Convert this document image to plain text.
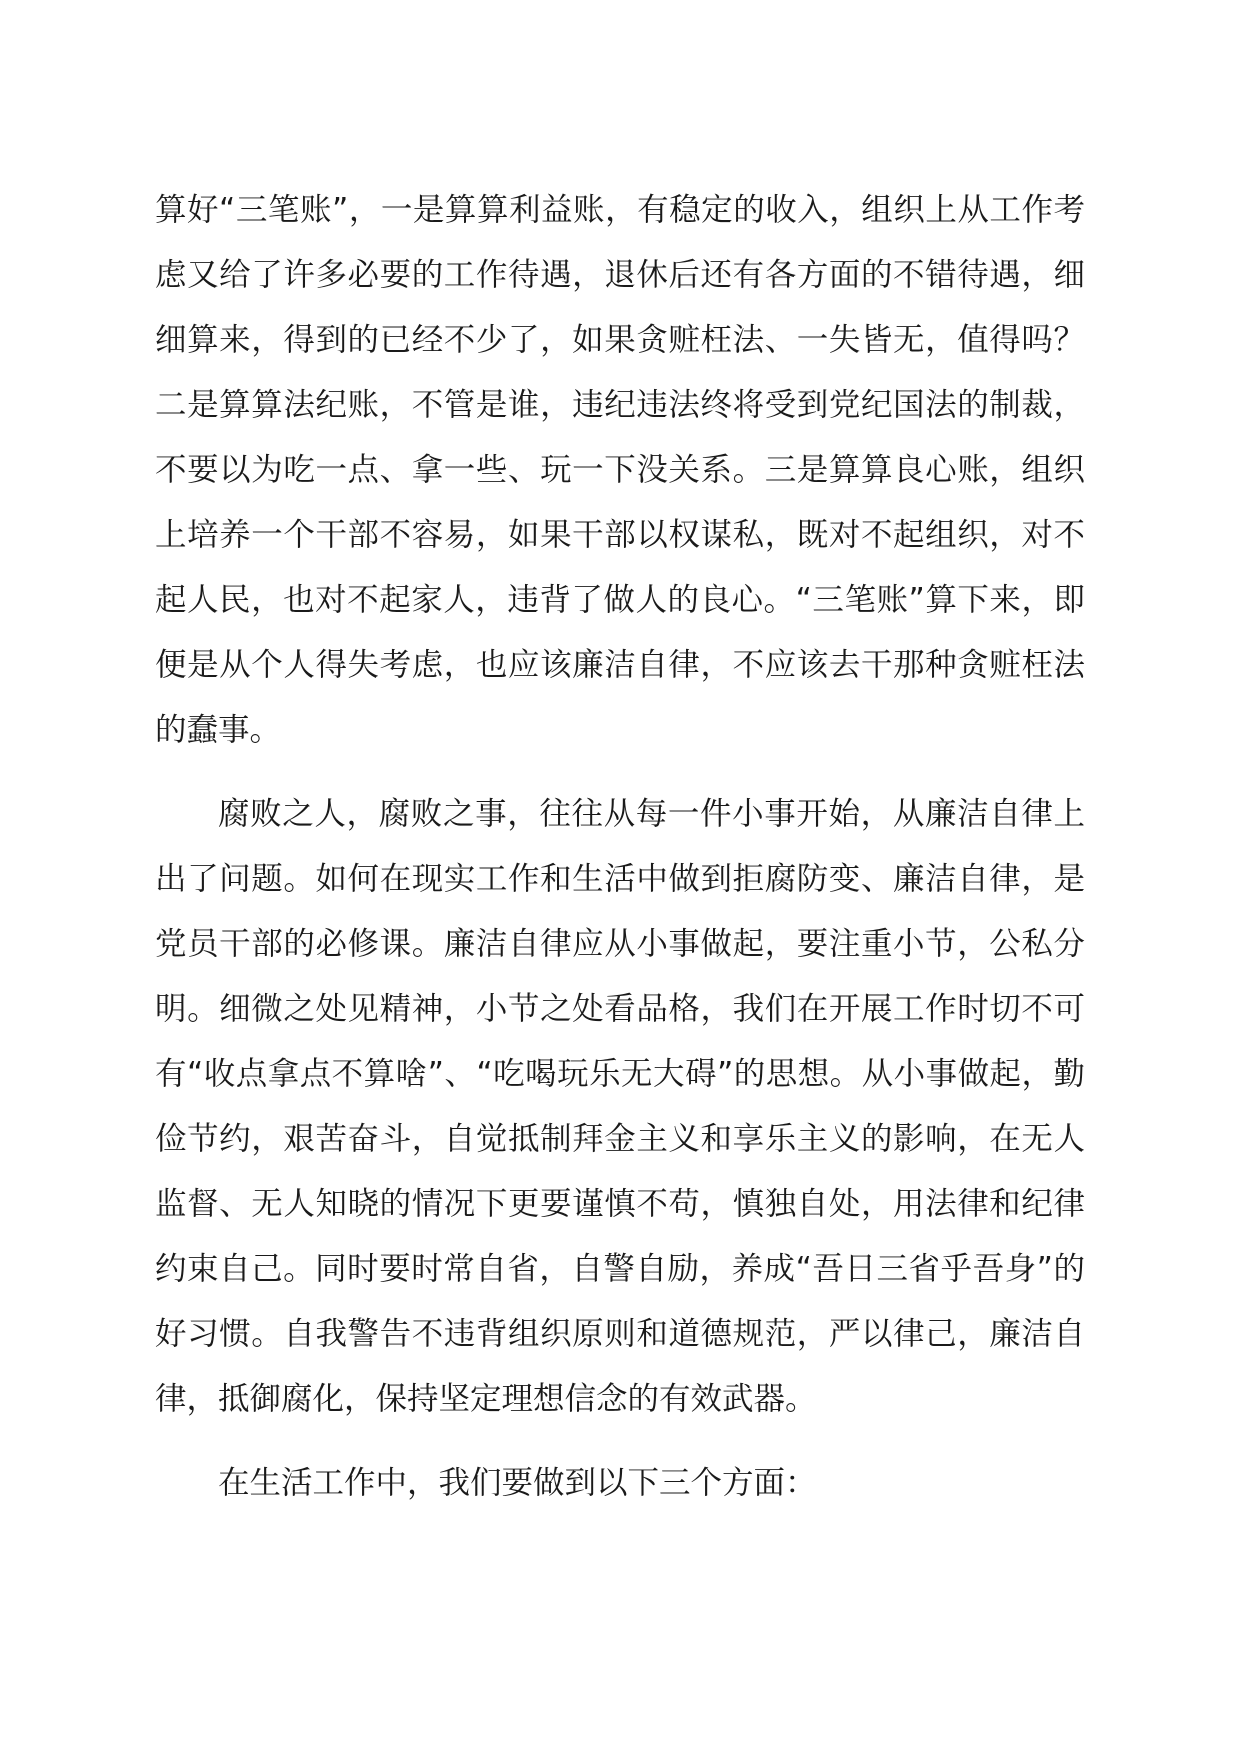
算好“三笔账”，一是算算利益账，有稳定的收入，组织上从工作考虑又给了许多必要的工作待遇，退休后还有各方面的不错待遇，细细算来，得到的已经不少了，如果贪赃枉法、一失皆无，值得吗？二是算算法纪账，不管是谁，违纪违法终将受到党纪国法的制裁，不要以为吃一点、拿一些、玩一下没关系。三是算算良心账，组织上培养一个干部不容易，如果干部以权谋私，既对不起组织，对不起人民，也对不起家人，违背了做人的良心。“三笔账”算下来，即便是从个人得失考虑，也应该廉洁自律，不应该去干那种贪赃枉法的蠢事。

腐败之人，腐败之事，往往从每一件小事开始，从廉洁自律上出了问题。如何在现实工作和生活中做到拒腐防变、廉洁自律，是党员干部的必修课。廉洁自律应从小事做起，要注重小节，公私分明。细微之处见精神，小节之处看品格，我们在开展工作时切不可有“收点拿点不算啥”、“吃喝玩乐无大碍”的思想。从小事做起，勤俭节约，艰苦奋斗，自觉抵制拜金主义和享乐主义的影响，在无人监督、无人知晓的情况下更要谨慎不苟，慎独自处，用法律和纪律约束自己。同时要时常自省，自警自励，养成“吾日三省乎吾身”的好习惯。自我警告不违背组织原则和道德规范，严以律己，廉洁自律，抵御腐化，保持坚定理想信念的有效武器。

在生活工作中，我们要做到以下三个方面：
